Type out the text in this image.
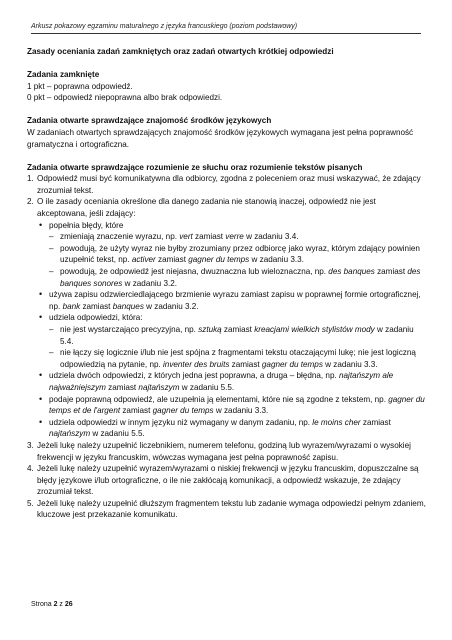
Arkusz pokazowy egzaminu maturalnego z języka francuskiego (poziom podstawowy)

Zasady oceniania zadań zamkniętych oraz zadań otwartych krótkiej odpowiedzi

Zadania zamknięte

1 pkt – poprawna odpowiedź.

0 pkt – odpowiedź niepoprawna albo brak odpowiedzi.

Zadania otwarte sprawdzające znajomość środków językowych

W zadaniach otwartych sprawdzających znajomość środków językowych wymagana jest pełna poprawność gramatyczna i ortograficzna.

Zadania otwarte sprawdzające rozumienie ze słuchu oraz rozumienie tekstów pisanych

1. Odpowiedź musi być komunikatywna dla odbiorcy, zgodna z poleceniem oraz musi wskazywać, że zdający zrozumiał tekst.
2. O ile zasady oceniania określone dla danego zadania nie stanowią inaczej, odpowiedź nie jest akceptowana, jeśli zdający:
• popełnia błędy, które
– zmieniają znaczenie wyrazu, np. vert zamiast verre w zadaniu 3.4.
– powodują, że użyty wyraz nie byłby zrozumiany przez odbiorcę jako wyraz, którym zdający powinien uzupełnić tekst, np. activer zamiast gagner du temps w zadaniu 3.3.
– powodują, że odpowiedź jest niejasna, dwuznaczna lub wieloznaczna, np. des banques zamiast des banques sonores w zadaniu 3.2.
• używa zapisu odzwierciedlającego brzmienie wyrazu zamiast zapisu w poprawnej formie ortograficznej, np. bank zamiast banques w zadaniu 3.2.
• udziela odpowiedzi, która:
– nie jest wystarczająco precyzyjna, np. sztuką zamiast kreacjami wielkich stylistów mody w zadaniu 5.4.
– nie łączy się logicznie i/lub nie jest spójna z fragmentami tekstu otaczającymi lukę; nie jest logiczną odpowiedzią na pytanie, np. inventer des bruits zamiast gagner du temps w zadaniu 3.3.
• udziela dwóch odpowiedzi, z których jedna jest poprawna, a druga – błędna, np. najtańszym ale najważniejszym zamiast najtańszym w zadaniu 5.5.
• podaje poprawną odpowiedź, ale uzupełnia ją elementami, które nie są zgodne z tekstem, np. gagner du temps et de l'argent zamiast gagner du temps w zadaniu 3.3.
• udziela odpowiedzi w innym języku niż wymagany w danym zadaniu, np. le moins cher zamiast najtańszym w zadaniu 5.5.
3. Jeżeli lukę należy uzupełnić liczebnikiem, numerem telefonu, godziną lub wyrazem/wyrazami o wysokiej frekwencji w języku francuskim, wówczas wymagana jest pełna poprawność zapisu.
4. Jeżeli lukę należy uzupełnić wyrazem/wyrazami o niskiej frekwencji w języku francuskim, dopuszczalne są błędy językowe i/lub ortograficzne, o ile nie zakłócają komunikacji, a odpowiedź wskazuje, że zdający zrozumiał tekst.
5. Jeżeli lukę należy uzupełnić dłuższym fragmentem tekstu lub zadanie wymaga odpowiedzi pełnym zdaniem, kluczowe jest przekazanie komunikatu.
Strona 2 z 26
